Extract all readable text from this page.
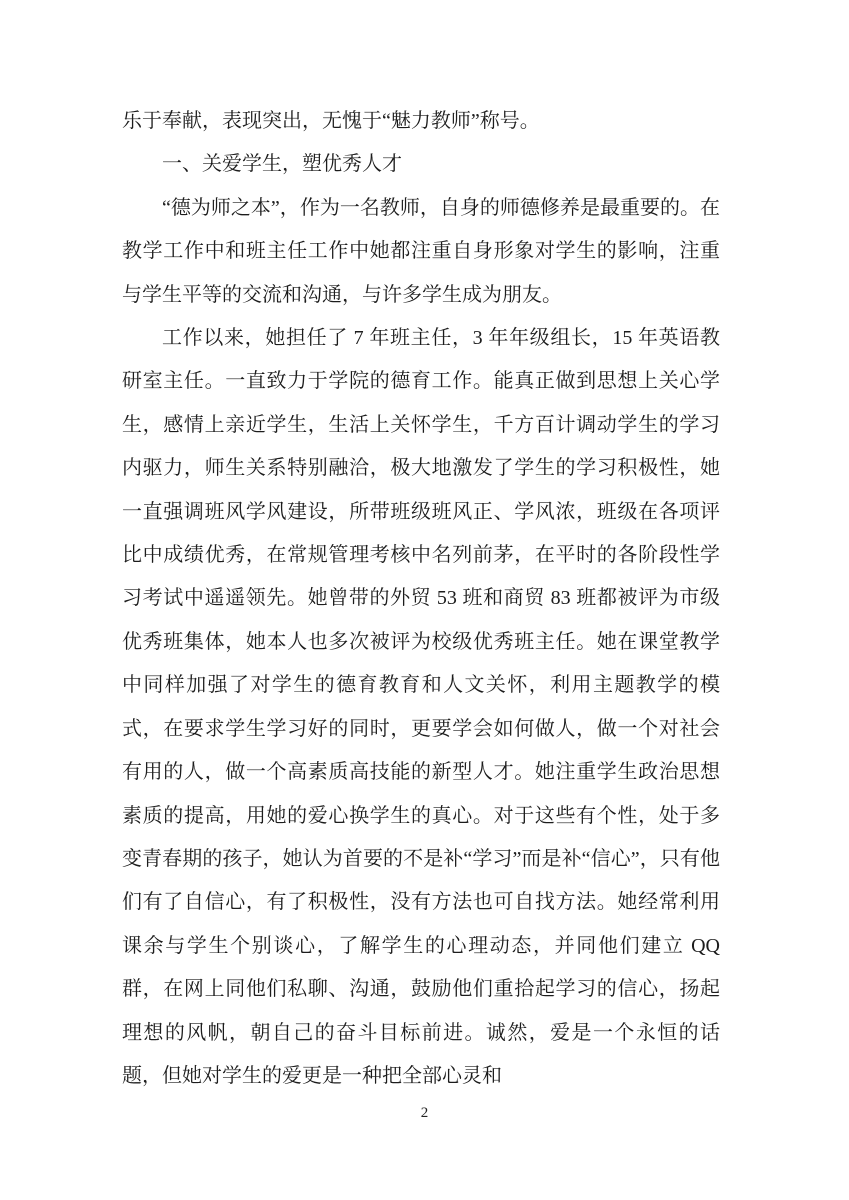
乐于奉献，表现突出，无愧于“魅力教师”称号。

一、关爱学生，塑优秀人才

“德为师之本”，作为一名教师，自身的师德修养是最重要的。在教学工作中和班主任工作中她都注重自身形象对学生的影响，注重与学生平等的交流和沟通，与许多学生成为朋友。

工作以来，她担任了 7 年班主任，3 年年级组长，15 年英语教研室主任。一直致力于学院的德育工作。能真正做到思想上关心学生，感情上亲近学生，生活上关怀学生，千方百计调动学生的学习内驱力，师生关系特别融洽，极大地激发了学生的学习积极性，她一直强调班风学风建设，所带班级班风正、学风浓，班级在各项评比中成绩优秀，在常规管理考核中名列前茅，在平时的各阶段性学习考试中遥遥领先。她曾带的外贸 53 班和商贸 83 班都被评为市级优秀班集体，她本人也多次被评为校级优秀班主任。她在课堂教学中同样加强了对学生的德育教育和人文关怀，利用主题教学的模式，在要求学生学习好的同时，更要学会如何做人，做一个对社会有用的人，做一个高素质高技能的新型人才。她注重学生政治思想素质的提高，用她的爱心换学生的真心。对于这些有个性，处于多变青春期的孩子，她认为首要的不是补“学习”而是补“信心”，只有他们有了自信心，有了积极性，没有方法也可自找方法。她经常利用课余与学生个别谈心，了解学生的心理动态，并同他们建立 QQ 群，在网上同他们私聊、沟通，鼓励他们重拾起学习的信心，扬起理想的风帆，朝自己的奋斗目标前进。诚然，爱是一个永恒的话题，但她对学生的爱更是一种把全部心灵和

2
